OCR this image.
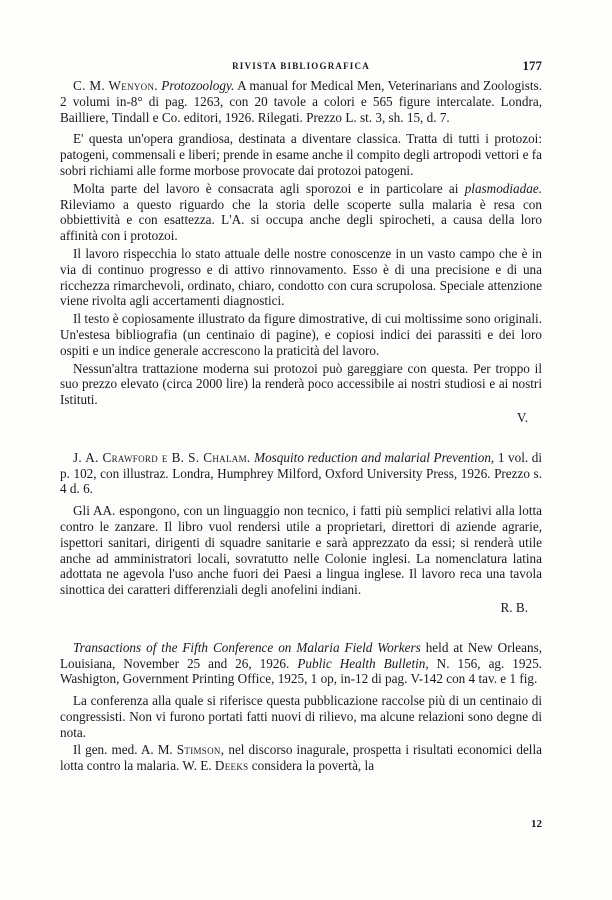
RIVISTA BIBLIOGRAFICA	177

C. M. Wenyon. Protozoology. A manual for Medical Men, Veterinarians and Zoologists. 2 volumi in-8° di pag. 1263, con 20 tavole a colori e 565 figure intercalate. Londra, Bailliere, Tindall e Co. editori, 1926. Rilegati. Prezzo L. st. 3, sh. 15, d. 7.

E' questa un'opera grandiosa, destinata a diventare classica. Tratta di tutti i protozoi: patogeni, commensali e liberi; prende in esame anche il compito degli artropodi vettori e fa sobri richiami alle forme morbose provocate dai protozoi patogeni.

Molta parte del lavoro è consacrata agli sporozoi e in particolare ai plasmodiadae. Rileviamo a questo riguardo che la storia delle scoperte sulla malaria è resa con obbiettività e con esattezza. L'A. si occupa anche degli spirocheti, a causa della loro affinità con i protozoi.

Il lavoro rispecchia lo stato attuale delle nostre conoscenze in un vasto campo che è in via di continuo progresso e di attivo rinnovamento. Esso è di una precisione e di una ricchezza rimarchevoli, ordinato, chiaro, condotto con cura scrupolosa. Speciale attenzione viene rivolta agli accertamenti diagnostici.

Il testo è copiosamente illustrato da figure dimostrative, di cui moltissime sono originali. Un'estesa bibliografia (un centinaio di pagine), e copiosi indici dei parassiti e dei loro ospiti e un indice generale accrescono la praticità del lavoro.

Nessun'altra trattazione moderna sui protozoi può gareggiare con questa. Per troppo il suo prezzo elevato (circa 2000 lire) la renderà poco accessibile ai nostri studiosi e ai nostri Istituti.

V.

J. A. Crawford e B. S. Chalam. Mosquito reduction and malarial Prevention, 1 vol. di p. 102, con illustraz. Londra, Humphrey Milford, Oxford University Press, 1926. Prezzo s. 4 d. 6.

Gli AA. espongono, con un linguaggio non tecnico, i fatti più semplici relativi alla lotta contro le zanzare. Il libro vuol rendersi utile a proprietari, direttori di aziende agrarie, ispettori sanitari, dirigenti di squadre sanitarie e sarà apprezzato da essi; si renderà utile anche ad amministratori locali, sovratutto nelle Colonie inglesi. La nomenclatura latina adottata ne agevola l'uso anche fuori dei Paesi a lingua inglese. Il lavoro reca una tavola sinottica dei caratteri differenziali degli anofelini indiani.

R. B.

Transactions of the Fifth Conference on Malaria Field Workers held at New Orleans, Louisiana, November 25 and 26, 1926. Public Health Bulletin, N. 156, ag. 1925. Washigton, Government Printing Office, 1925, 1 op, in-12 di pag. V-142 con 4 tav. e 1 fig.

La conferenza alla quale si riferisce questa pubblicazione raccolse più di un centinaio di congressisti. Non vi furono portati fatti nuovi di rilievo, ma alcune relazioni sono degne di nota.

Il gen. med. A. M. Stimson, nel discorso inagurale, prospetta i risultati economici della lotta contro la malaria. W. E. Deeks considera la povertà, la

12
